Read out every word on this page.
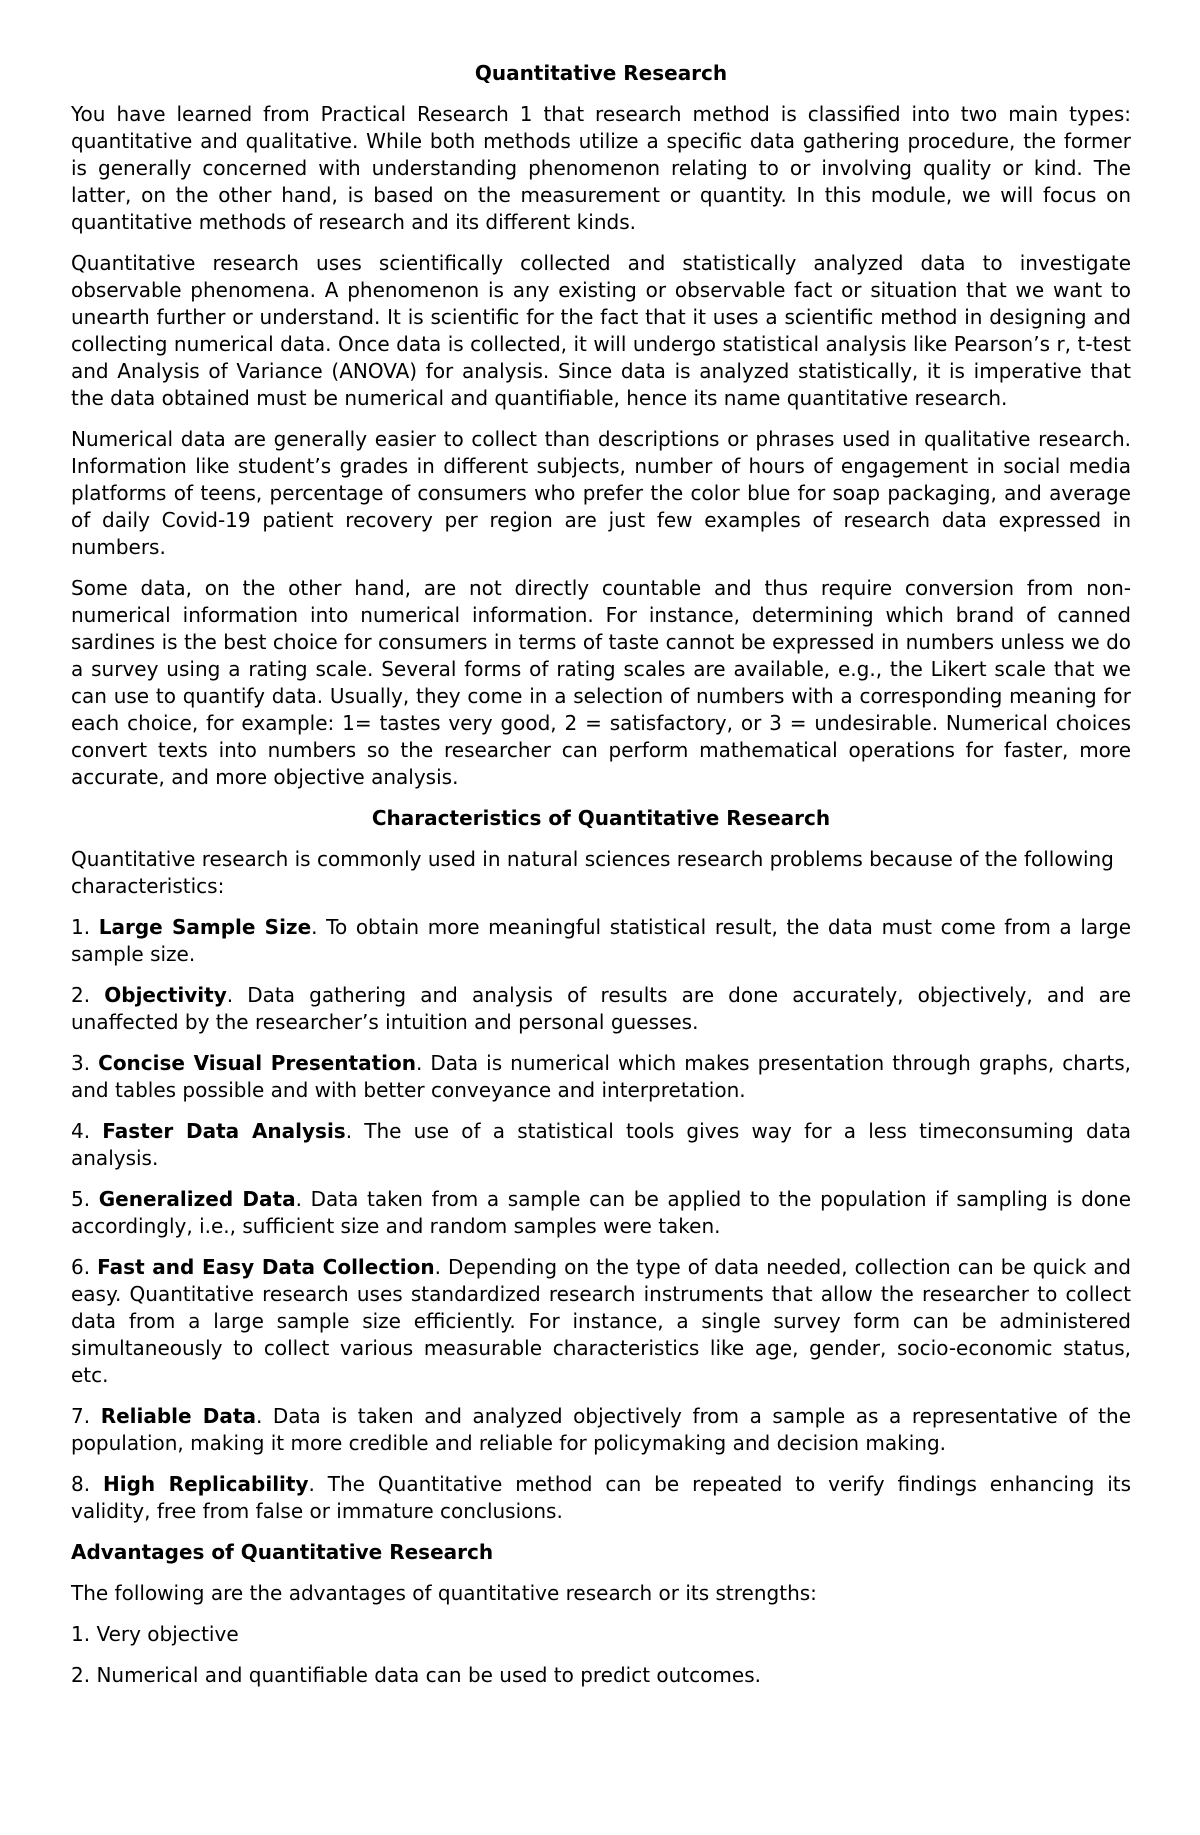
Quantitative Research

You have learned from Practical Research 1 that research method is classified into two main types: quantitative and qualitative. While both methods utilize a specific data gathering procedure, the former is generally concerned with understanding phenomenon relating to or involving quality or kind. The latter, on the other hand, is based on the measurement or quantity. In this module, we will focus on quantitative methods of research and its different kinds.

Quantitative research uses scientifically collected and statistically analyzed data to investigate observable phenomena. A phenomenon is any existing or observable fact or situation that we want to unearth further or understand. It is scientific for the fact that it uses a scientific method in designing and collecting numerical data. Once data is collected, it will undergo statistical analysis like Pearson’s r, t-test and Analysis of Variance (ANOVA) for analysis. Since data is analyzed statistically, it is imperative that the data obtained must be numerical and quantifiable, hence its name quantitative research.

Numerical data are generally easier to collect than descriptions or phrases used in qualitative research. Information like student’s grades in different subjects, number of hours of engagement in social media platforms of teens, percentage of consumers who prefer the color blue for soap packaging, and average of daily Covid-19 patient recovery per region are just few examples of research data expressed in numbers.

Some data, on the other hand, are not directly countable and thus require conversion from non-numerical information into numerical information. For instance, determining which brand of canned sardines is the best choice for consumers in terms of taste cannot be expressed in numbers unless we do a survey using a rating scale. Several forms of rating scales are available, e.g., the Likert scale that we can use to quantify data. Usually, they come in a selection of numbers with a corresponding meaning for each choice, for example: 1= tastes very good, 2 = satisfactory, or 3 = undesirable. Numerical choices convert texts into numbers so the researcher can perform mathematical operations for faster, more accurate, and more objective analysis.

Characteristics of Quantitative Research

Quantitative research is commonly used in natural sciences research problems because of the following characteristics:

1. Large Sample Size. To obtain more meaningful statistical result, the data must come from a large sample size.
2. Objectivity. Data gathering and analysis of results are done accurately, objectively, and are unaffected by the researcher’s intuition and personal guesses.
3. Concise Visual Presentation. Data is numerical which makes presentation through graphs, charts, and tables possible and with better conveyance and interpretation.
4. Faster Data Analysis. The use of a statistical tools gives way for a less timeconsuming data analysis.
5. Generalized Data. Data taken from a sample can be applied to the population if sampling is done accordingly, i.e., sufficient size and random samples were taken.
6. Fast and Easy Data Collection. Depending on the type of data needed, collection can be quick and easy. Quantitative research uses standardized research instruments that allow the researcher to collect data from a large sample size efficiently. For instance, a single survey form can be administered simultaneously to collect various measurable characteristics like age, gender, socio-economic status, etc.
7. Reliable Data. Data is taken and analyzed objectively from a sample as a representative of the population, making it more credible and reliable for policymaking and decision making.
8. High Replicability. The Quantitative method can be repeated to verify findings enhancing its validity, free from false or immature conclusions.
Advantages of Quantitative Research

The following are the advantages of quantitative research or its strengths:

1. Very objective

2. Numerical and quantifiable data can be used to predict outcomes.
